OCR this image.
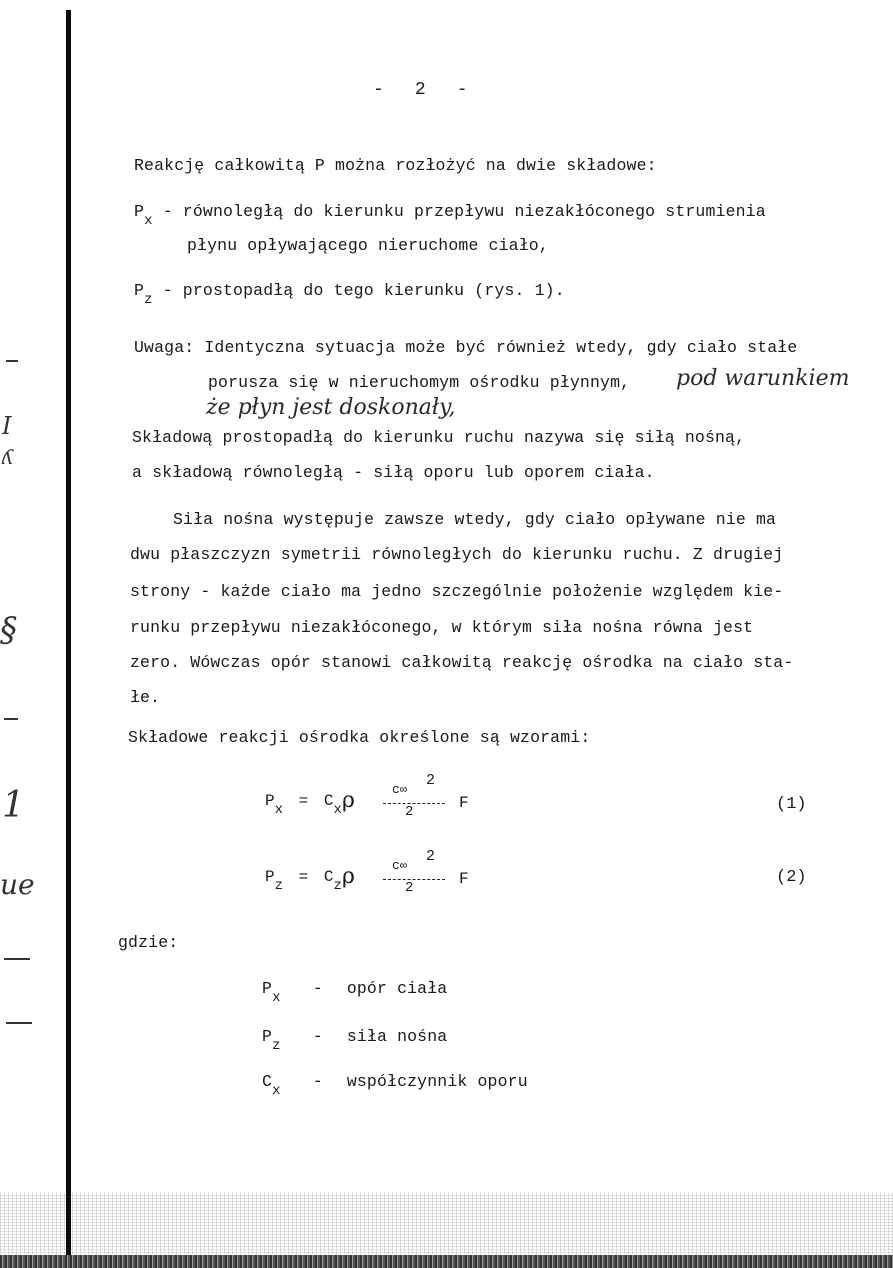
I
ʎ
§
1
ue
- 2 -
Reakcję całkowitą P można rozłożyć na dwie składowe:
$P_x$ - równoległą do kierunku przepływu niezakłóconego strumienia
płynu opływającego nieruchome ciało,
$P_z$ - prostopadłą do tego kierunku (rys. 1).
Uwaga: Identyczna sytuacja może być również wtedy, gdy ciało stałe
porusza się w nieruchomym ośrodku płynnym, pod warunkiem
że płyn jest doskonały,
Składową prostopadłą do kierunku ruchu nazywa się siłą nośną,
a składową równoległą - siłą oporu lub oporem ciała.
Siła nośna występuje zawsze wtedy, gdy ciało opływane nie ma
dwu płaszczyzn symetrii równoległych do kierunku ruchu. Z drugiej
strony - każde ciało ma jedno szczególnie położenie względem kie-
runku przepływu niezakłóconego, w którym siła nośna równa jest
zero. Wówczas opór stanowi całkowitą reakcję ośrodka na ciało sta-
łe.
Składowe reakcji ośrodka określone są wzorami:
Px = Cx ρ	c∞
2
2	F	(1)
Pz = Cz ρ	c∞
2
2	F	(2)
gdzie:
$P_x$ - opór ciała
$P_z$ - siła nośna
$C_x$ - współczynnik oporu
